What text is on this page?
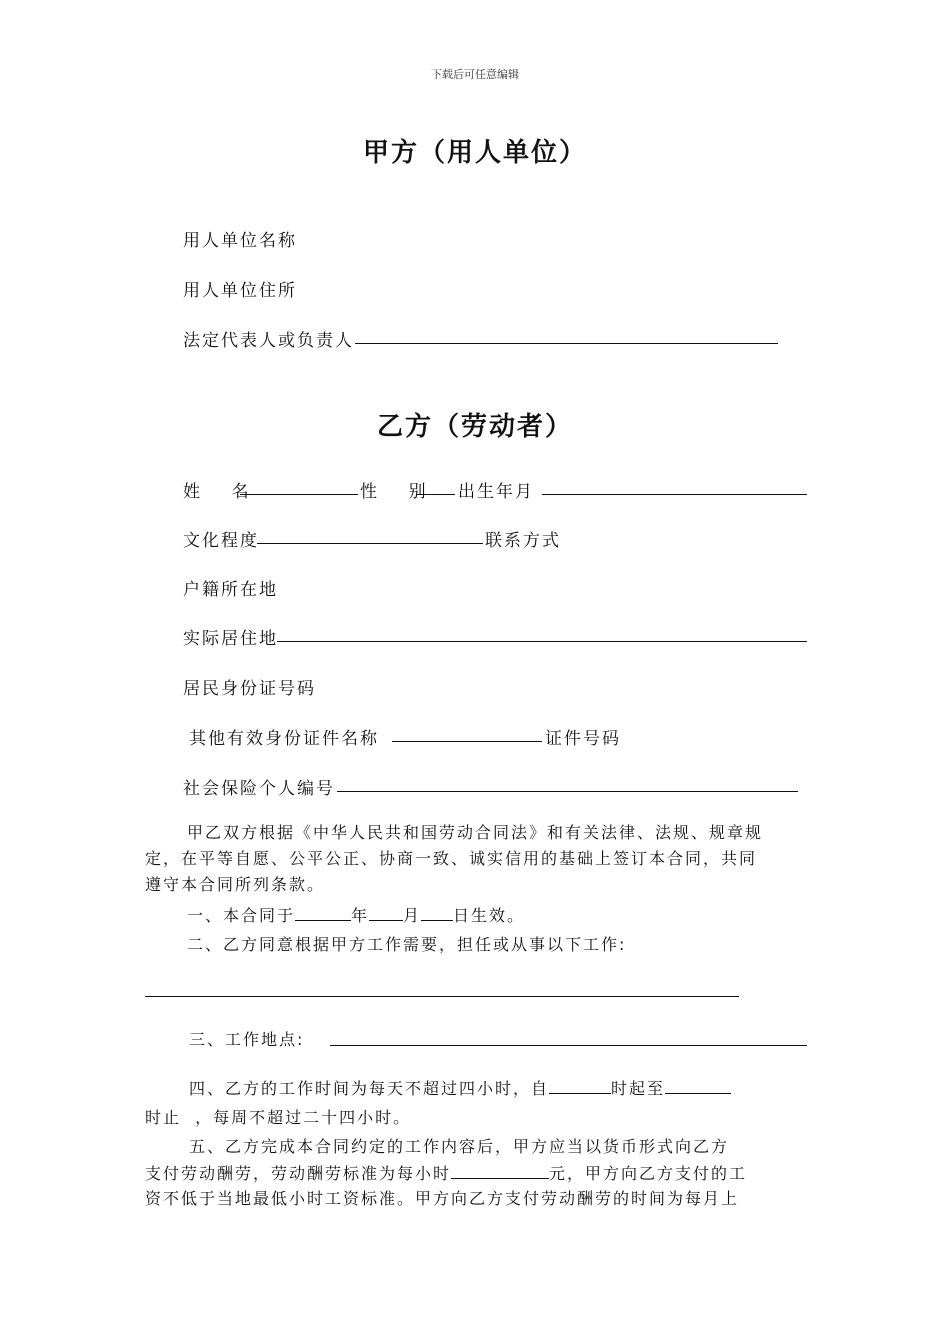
下载后可任意编辑
甲方（用人单位）
用人单位名称
用人单位住所
法定代表人或负责人
乙方（劳动者）
姓    名	性    别 出生年月
文化程度	联系方式
户籍所在地
实际居住地
居民身份证号码
其他有效身份证件名称	证件号码
社会保险个人编号
甲乙双方根据《中华人民共和国劳动合同法》和有关法律、法规、规章规
定，在平等自愿、公平公正、协商一致、诚实信用的基础上签订本合同，共同
遵守本合同所列条款。
一、本合同于	年 月 日生效。
二、乙方同意根据甲方工作需要，担任或从事以下工作:
三、工作地点:
四、乙方的工作时间为每天不超过四小时，自	时起至
时止  ，每周不超过二十四小时。
五、乙方完成本合同约定的工作内容后，甲方应当以货币形式向乙方
支付劳动酬劳，劳动酬劳标准为每小时	元，甲方向乙方支付的工
资不低于当地最低小时工资标准。甲方向乙方支付劳动酬劳的时间为每月上
